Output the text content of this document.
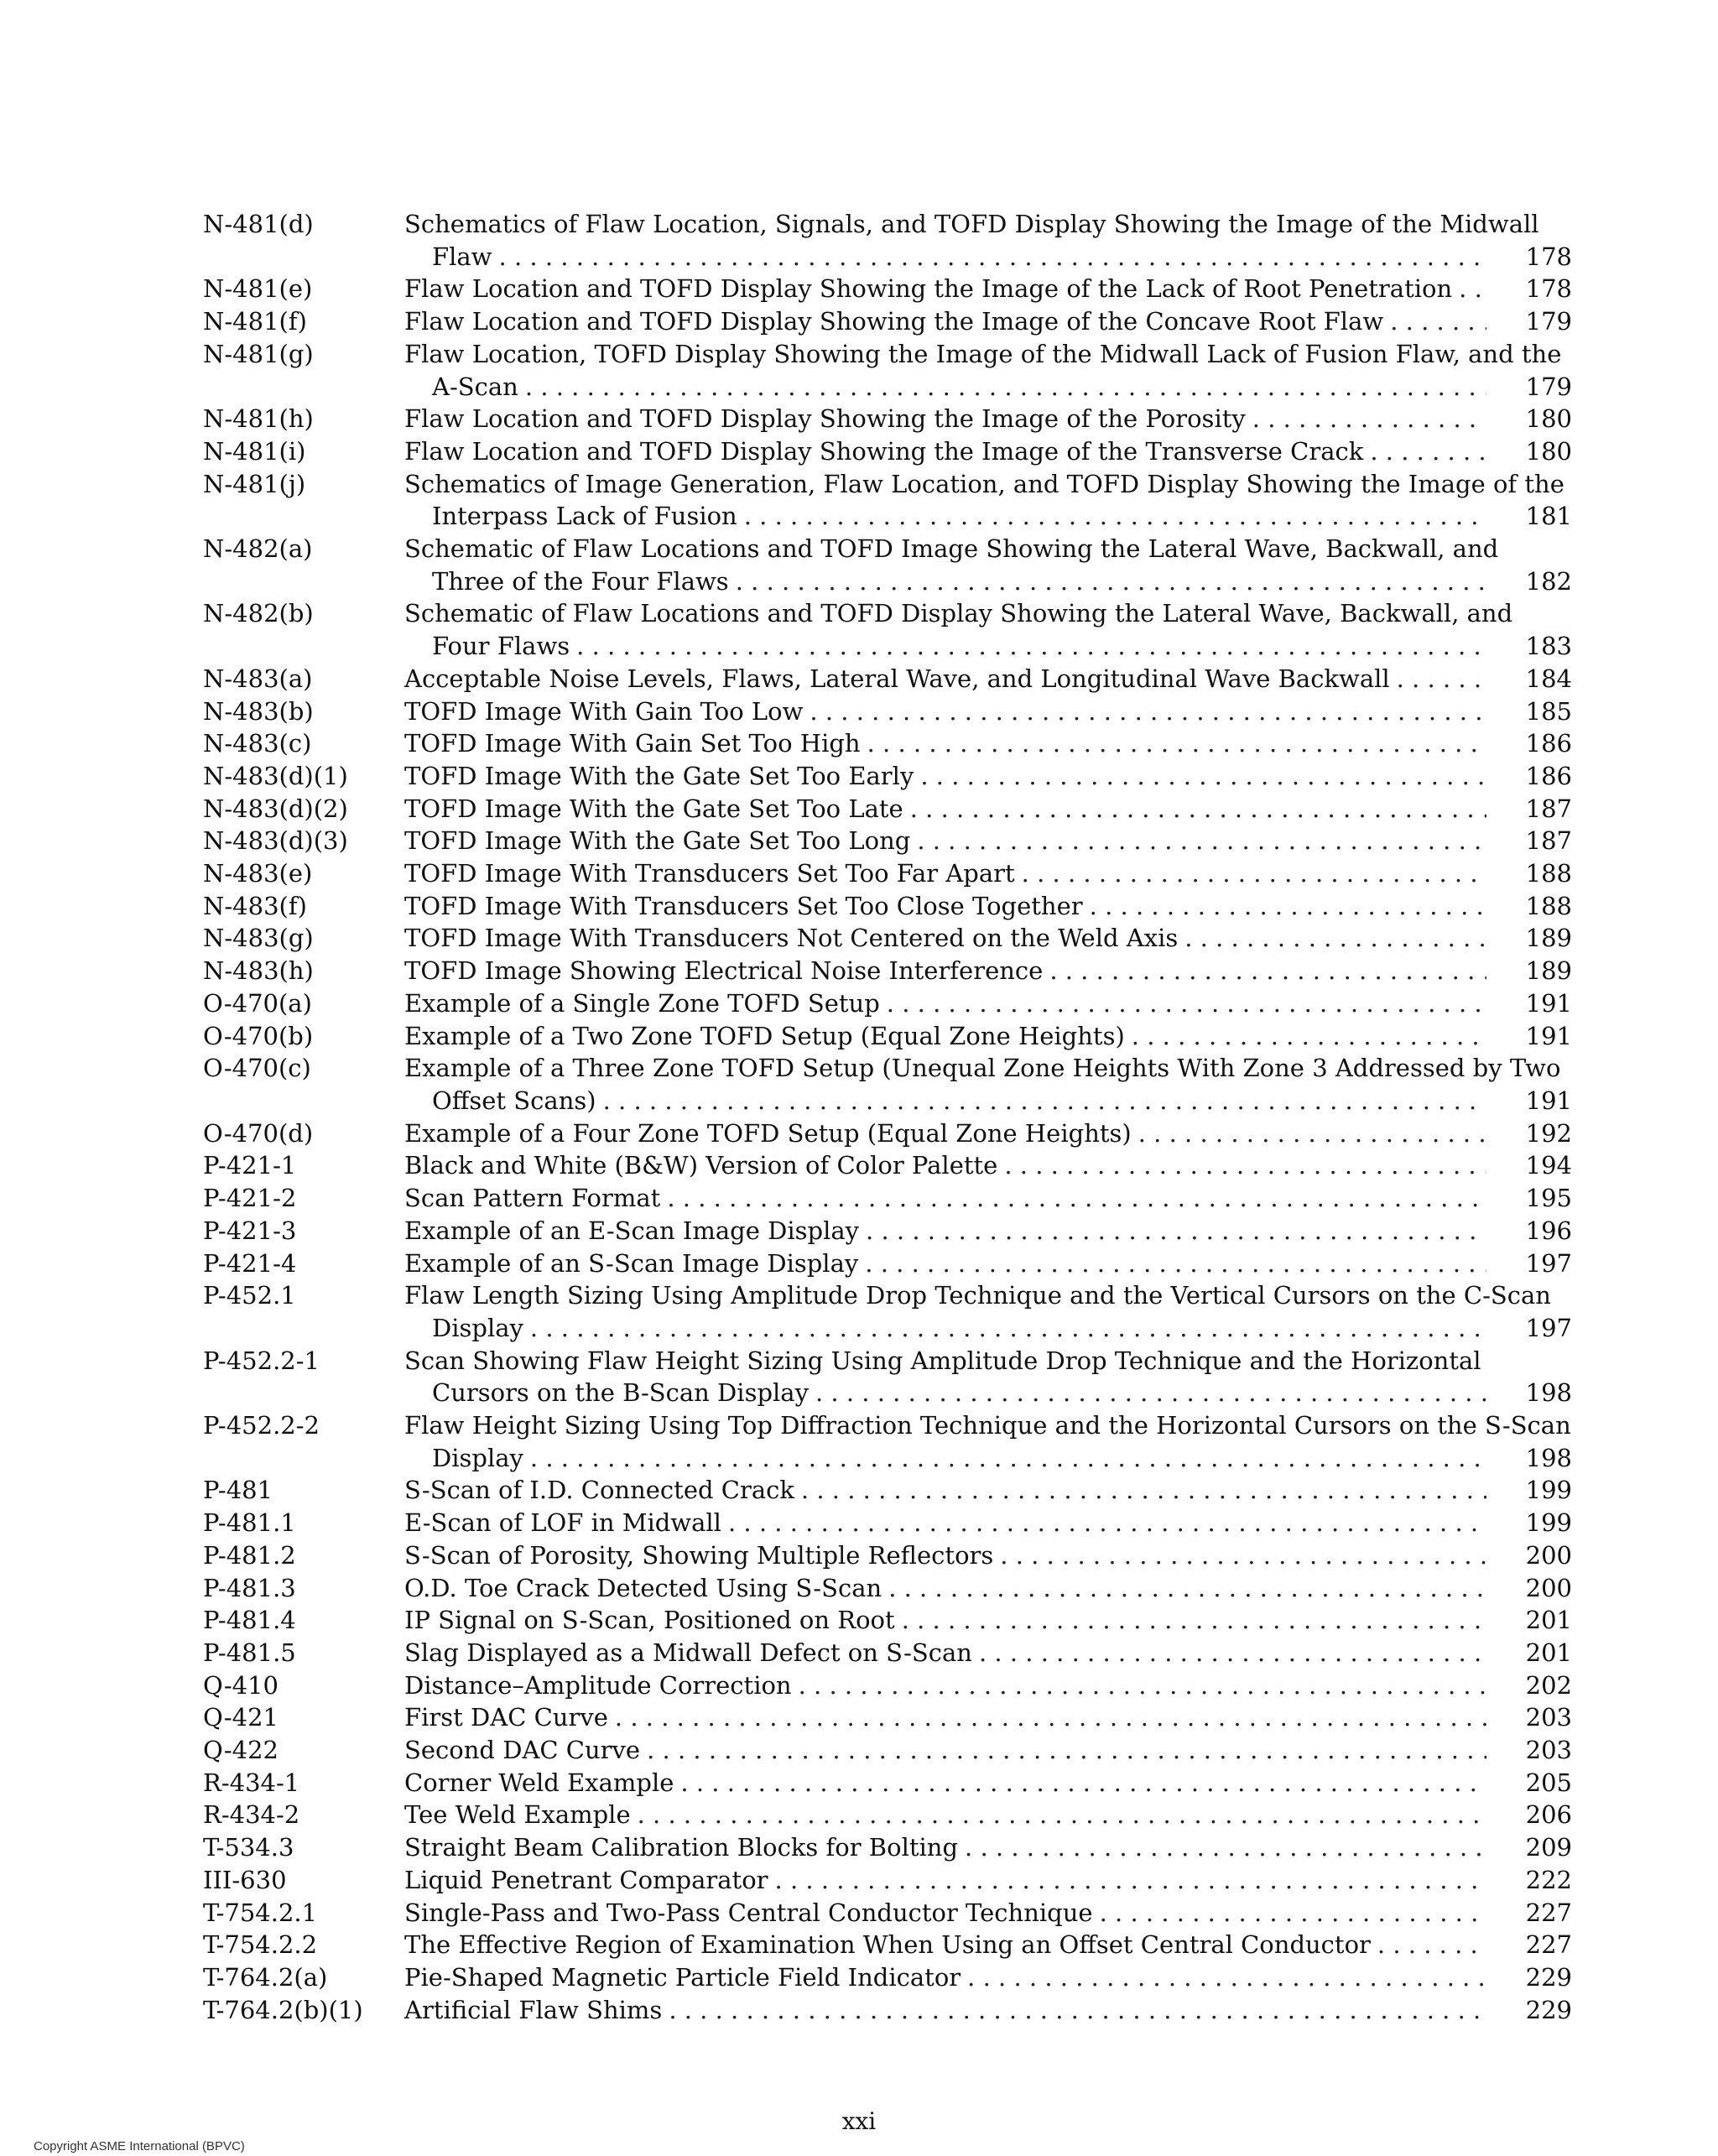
N-481(d)	Schematics of Flaw Location, Signals, and TOFD Display Showing the Image of the Midwall
Flaw . . .	178
N-481(e)	Flaw Location and TOFD Display Showing the Image of the Lack of Root Penetration . . .	178
N-481(f)	Flaw Location and TOFD Display Showing the Image of the Concave Root Flaw . . .	179
N-481(g)	Flaw Location, TOFD Display Showing the Image of the Midwall Lack of Fusion Flaw, and the
A-Scan . . .	179
N-481(h)	Flaw Location and TOFD Display Showing the Image of the Porosity . . .	180
N-481(i)	Flaw Location and TOFD Display Showing the Image of the Transverse Crack . . .	180
N-481(j)	Schematics of Image Generation, Flaw Location, and TOFD Display Showing the Image of the
Interpass Lack of Fusion . . .	181
N-482(a)	Schematic of Flaw Locations and TOFD Image Showing the Lateral Wave, Backwall, and
Three of the Four Flaws . . .	182
N-482(b)	Schematic of Flaw Locations and TOFD Display Showing the Lateral Wave, Backwall, and
Four Flaws . . .	183
N-483(a)	Acceptable Noise Levels, Flaws, Lateral Wave, and Longitudinal Wave Backwall . . .	184
N-483(b)	TOFD Image With Gain Too Low . . .	185
N-483(c)	TOFD Image With Gain Set Too High . . .	186
N-483(d)(1) TOFD Image With the Gate Set Too Early . . .	186
N-483(d)(2) TOFD Image With the Gate Set Too Late . . .	187
N-483(d)(3) TOFD Image With the Gate Set Too Long . . .	187
N-483(e)	TOFD Image With Transducers Set Too Far Apart . . .	188
N-483(f)	TOFD Image With Transducers Set Too Close Together . . .	188
N-483(g)	TOFD Image With Transducers Not Centered on the Weld Axis . . .	189
N-483(h)	TOFD Image Showing Electrical Noise Interference . . .	189
O-470(a)	Example of a Single Zone TOFD Setup . . .	191
O-470(b)	Example of a Two Zone TOFD Setup (Equal Zone Heights) . . .	191
O-470(c)	Example of a Three Zone TOFD Setup (Unequal Zone Heights With Zone 3 Addressed by Two
Offset Scans) . . .	191
O-470(d)	Example of a Four Zone TOFD Setup (Equal Zone Heights) . . .	192
P-421-1	Black and White (B&W) Version of Color Palette . . .	194
P-421-2	Scan Pattern Format . . .	195
P-421-3	Example of an E-Scan Image Display . . .	196
P-421-4	Example of an S-Scan Image Display . . .	197
P-452.1	Flaw Length Sizing Using Amplitude Drop Technique and the Vertical Cursors on the C-Scan
Display . . .	197
P-452.2-1	Scan Showing Flaw Height Sizing Using Amplitude Drop Technique and the Horizontal
Cursors on the B-Scan Display . . .	198
P-452.2-2	Flaw Height Sizing Using Top Diffraction Technique and the Horizontal Cursors on the S-Scan
Display . . .	198
P-481	S-Scan of I.D. Connected Crack . . .	199
P-481.1	E-Scan of LOF in Midwall . . .	199
P-481.2	S-Scan of Porosity, Showing Multiple Reflectors . . .	200
P-481.3	O.D. Toe Crack Detected Using S-Scan . . .	200
P-481.4	IP Signal on S-Scan, Positioned on Root . . .	201
P-481.5	Slag Displayed as a Midwall Defect on S-Scan . . .	201
Q-410	Distance–Amplitude Correction . . .	202
Q-421	First DAC Curve . . .	203
Q-422	Second DAC Curve . . .	203
R-434-1	Corner Weld Example . . .	205
R-434-2	Tee Weld Example . . .	206
T-534.3	Straight Beam Calibration Blocks for Bolting . . .	209
III-630	Liquid Penetrant Comparator . . .	222
T-754.2.1	Single-Pass and Two-Pass Central Conductor Technique . . .	227
T-754.2.2	The Effective Region of Examination When Using an Offset Central Conductor . . .	227
T-764.2(a)	Pie-Shaped Magnetic Particle Field Indicator . . .	229
T-764.2(b)(1) Artificial Flaw Shims . . .	229
xxi
Copyright ASME International (BPVC)
